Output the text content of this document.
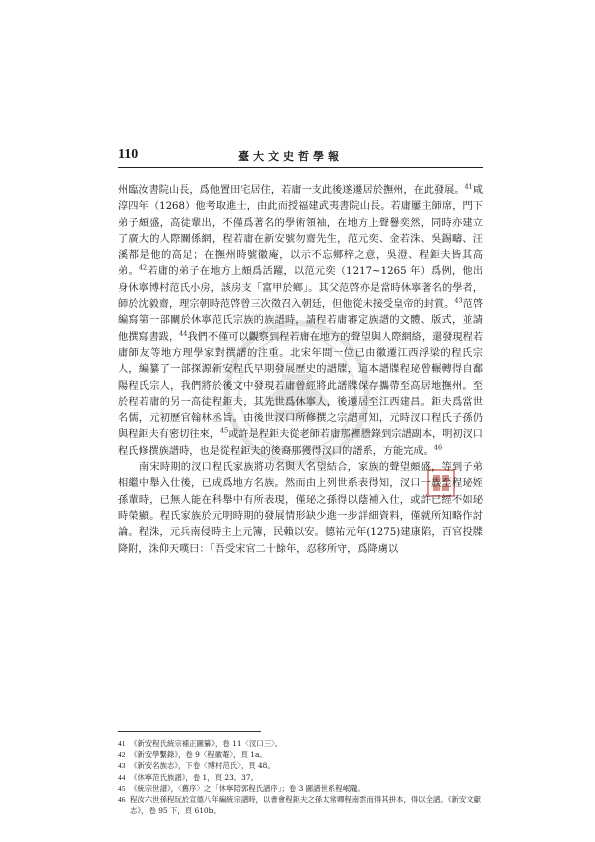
110	臺大文史哲學報

州臨汝書院山長，爲他置田宅居住，若庸一支此後遂遷居於撫州，在此發展。$^{41}$咸淳四年（1268）他考取進士，由此而授福建武夷書院山長。若庸屢主師席，門下弟子頗盛，高徒輩出，不僅爲著名的學術領袖，在地方上聲譽奕然，同時亦建立了廣大的人際關係網，程若庸在新安號勿齋先生，范元奕、金若洙、吳錫疇、汪溪都是他的高足；在撫州時號徽庵，以示不忘鄉梓之意，吳澄、程鉅夫皆其高弟。$^{42}$若庸的弟子在地方上頗爲活躍，以范元奕（1217~1265 年）爲例，他出身休寧博村范氏小房，該房支「富甲於鄉」。其父范啓亦是當時休寧著名的學者，師於沈毅齋，理宗朝時范啓曾三次徵召入朝廷，但他從未接受皇帝的封賞。$^{43}$范啓編寫第一部關於休寧范氏宗族的族譜時，請程若庸審定族譜的文體、版式，並請他撰寫書跋，$^{44}$我們不僅可以觀察到程若庸在地方的聲望與人際網絡，還發現程若庸師友等地方理學家對撰譜的注重。北宋年間一位已由徽遷江西浮梁的程氏宗人，編纂了一部探源新安程氏早期發展歷史的譜牒，這本譜牒程珌曾輾轉得自鄱陽程氏宗人，我們將於後文中發現若庸曾經將此譜牒保存攜帶至高居地撫州。至於程若庸的另一高徒程鉅夫，其先世爲休寧人，後遷居至江西建昌。鉅夫爲當世名儒，元初歷官翰林丞旨。由後世汊口所修撰之宗譜可知，元時汊口程氏子孫仍與程鉅夫有密切往來，$^{45}$或許是程鉅夫從老師若庸那裡謄錄到宗譜副本，明初汊口程氏修撰族譜時，也是從程鉅夫的後裔那獲得汊口的譜系，方能完成。$^{46}$

南宋時期的汊口程氏家族將功名與人名望結合，家族的聲望頗盛，等到子弟相繼中舉入仕後，已成爲地方名族。然而由上列世系表得知，汊口一族至程珌姪孫輩時，已無人能在科舉中有所表現，僅珌之孫得以蔭補入仕，或許已經不如珌時榮顯。程氏家族於元明時期的發展情形缺少進一步詳細資料，僅就所知略作討論。程洙，元兵南侵時主上元簿，民賴以安。德祐元年(1275)建康陷，百官投牒降附，洙仰天嘆曰：「吾受宋官二十餘年，忍移所守，爲降虜以

41 《新安程氏統宗補正圖纂》，卷 11〈汊口三〉。
42 《新安學繫錄》，卷 9〈程徽菴〉，頁 1a。
43 《新安名族志》，下卷〈博村范氏〉，頁 48。
44 《休寧范氏族譜》，卷 1，頁 23、37。
45 《統宗世譜》，〈舊序〉之「休寧陪郭程氏譜序」；卷 3 圖譜世系程岷隴。
46 程汝六世孫程玩於宣德八年編統宗譜時，以書會程鉅夫之孫太常卿程南雲而得其拼本，得以全譜。《新安文獻志》，卷 95 下，頁 610b。
